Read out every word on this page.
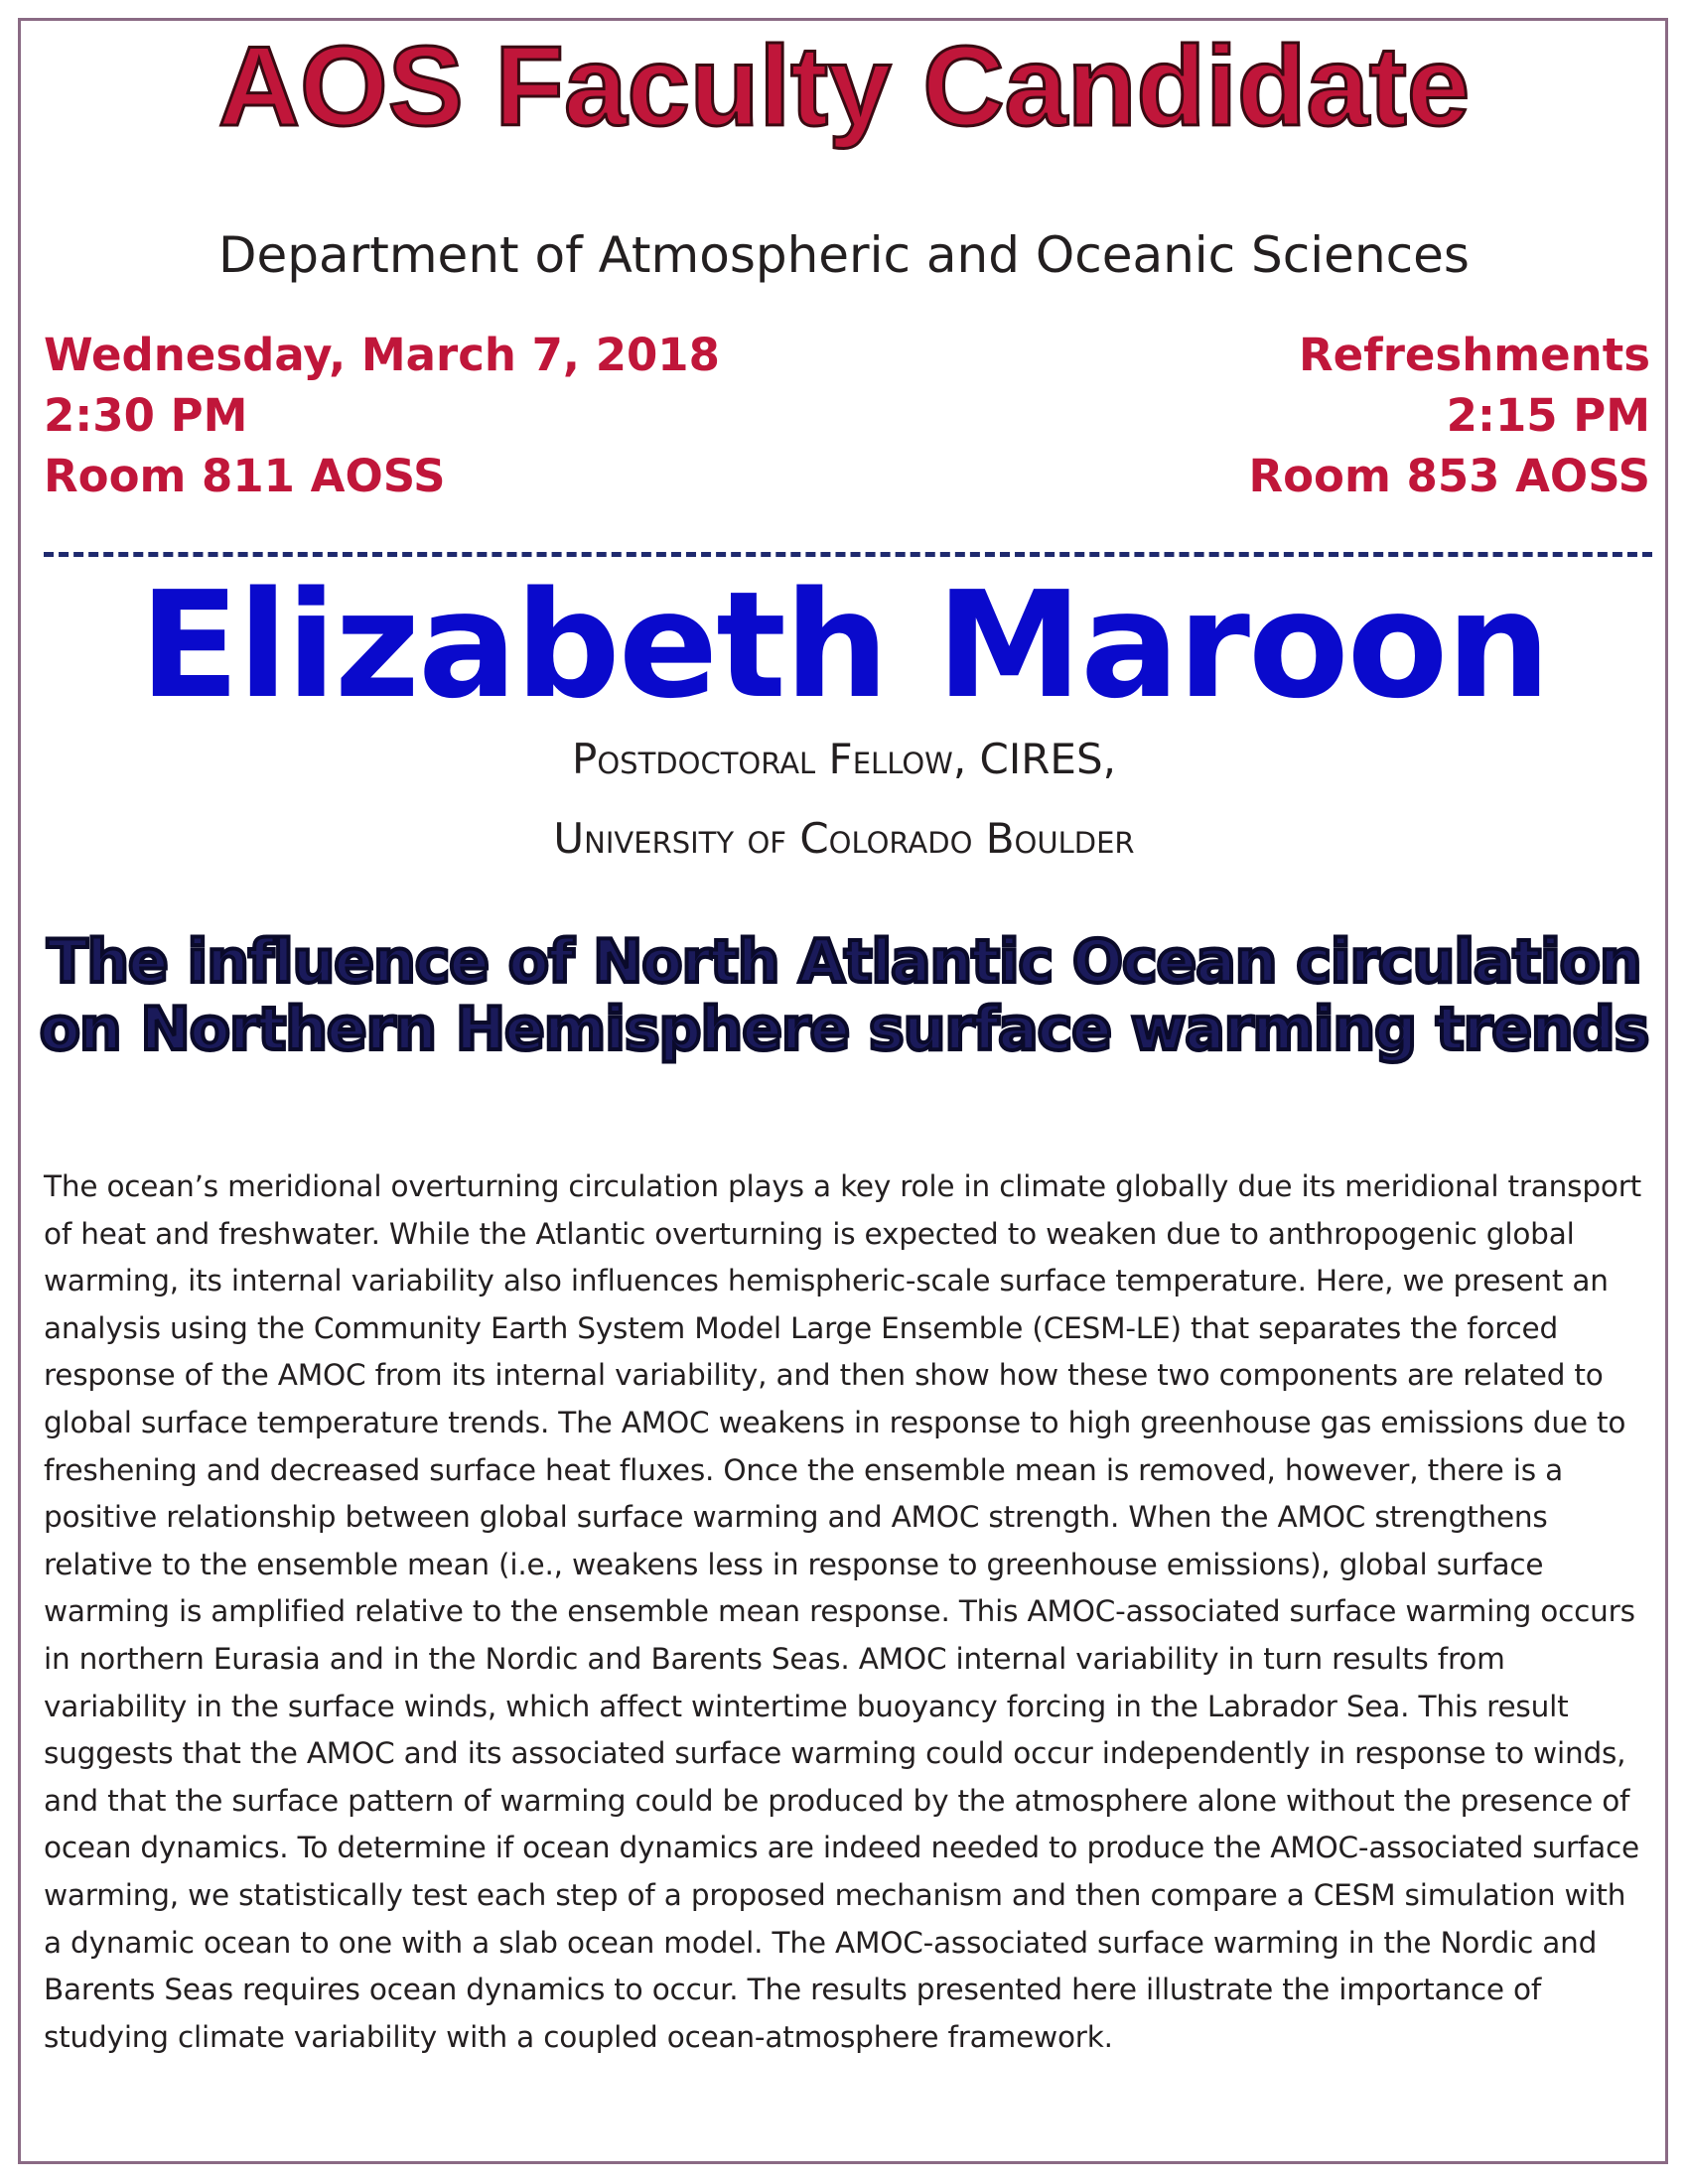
AOS Faculty Candidate
Department of Atmospheric and Oceanic Sciences
Wednesday, March 7, 2018
2:30 PM
Room 811 AOSS
Refreshments
2:15 PM
Room 853 AOSS
Elizabeth Maroon
Postdoctoral Fellow, CIRES,
University of Colorado Boulder
The influence of North Atlantic Ocean circulation on Northern Hemisphere surface warming trends
The ocean’s meridional overturning circulation plays a key role in climate globally due its meridional transport of heat and freshwater. While the Atlantic overturning is expected to weaken due to anthropogenic global warming, its internal variability also influences hemispheric-scale surface temperature. Here, we present an analysis using the Community Earth System Model Large Ensemble (CESM-LE) that separates the forced response of the AMOC from its internal variability, and then show how these two components are related to global surface temperature trends. The AMOC weakens in response to high greenhouse gas emissions due to freshening and decreased surface heat fluxes. Once the ensemble mean is removed, however, there is a positive relationship between global surface warming and AMOC strength. When the AMOC strengthens relative to the ensemble mean (i.e., weakens less in response to greenhouse emissions), global surface warming is amplified relative to the ensemble mean response. This AMOC-associated surface warming occurs in northern Eurasia and in the Nordic and Barents Seas. AMOC internal variability in turn results from variability in the surface winds, which affect wintertime buoyancy forcing in the Labrador Sea. This result suggests that the AMOC and its associated surface warming could occur independently in response to winds, and that the surface pattern of warming could be produced by the atmosphere alone without the presence of ocean dynamics. To determine if ocean dynamics are indeed needed to produce the AMOC-associated surface warming, we statistically test each step of a proposed mechanism and then compare a CESM simulation with a dynamic ocean to one with a slab ocean model. The AMOC-associated surface warming in the Nordic and Barents Seas requires ocean dynamics to occur. The results presented here illustrate the importance of studying climate variability with a coupled ocean-atmosphere framework.
